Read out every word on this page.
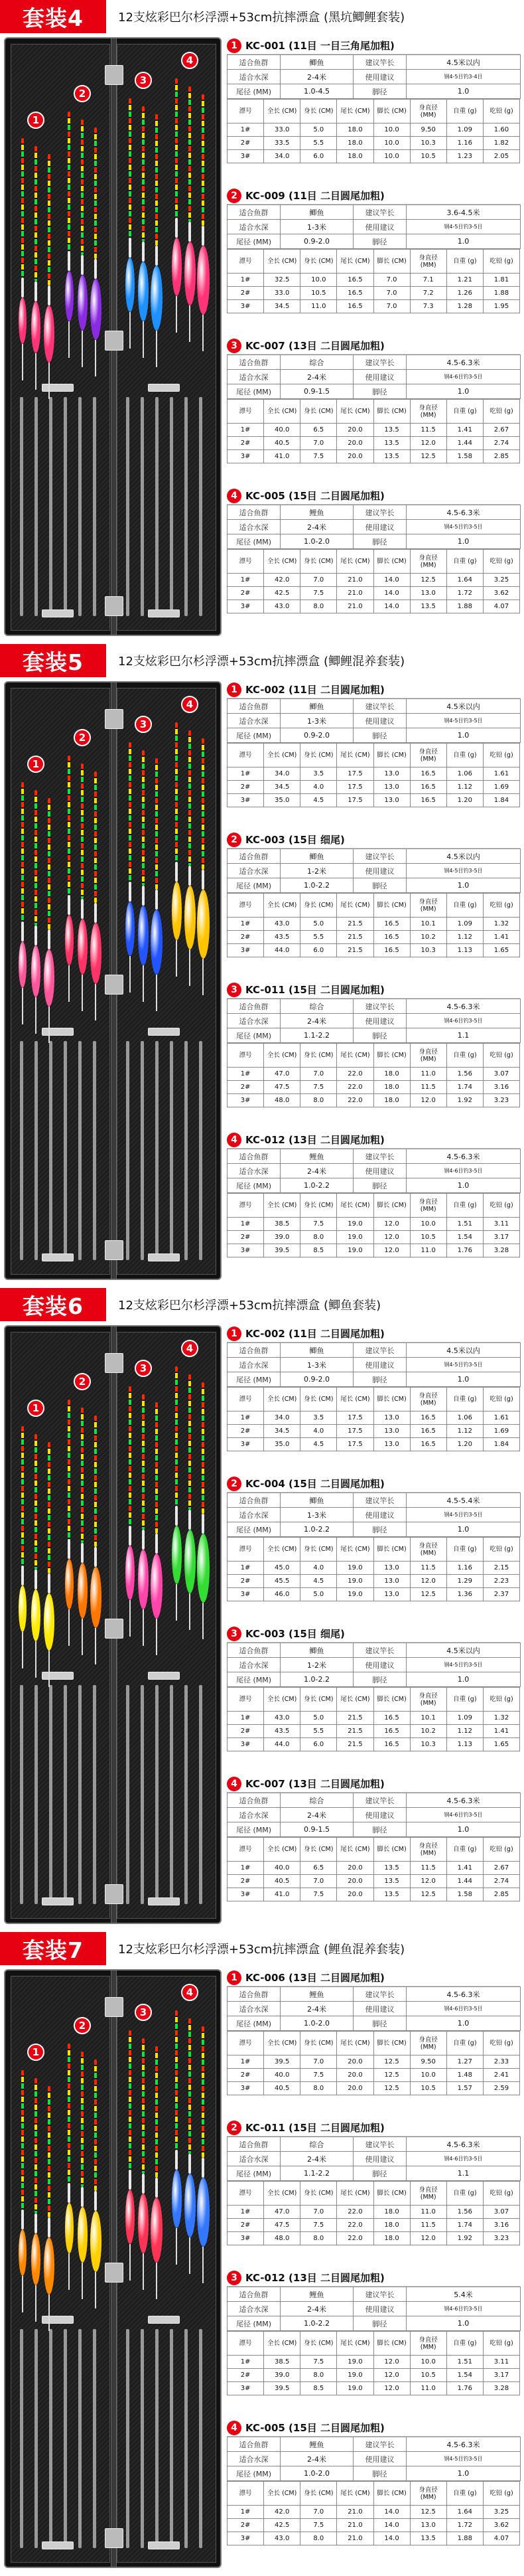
套装4	12支炫彩巴尔杉浮漂+53cm抗摔漂盒 (黑坑鲫鲤套装)
1
2
3
4
1 KC-001 (11目 一目三角尾加粗)
适合鱼群	鲫鱼	建议竿长	4.5米以内
适合水深	2-4米	使用建议	钢4-5目钓3-4目
尾径 (MM)	1.0-4.5	脚径	1.0
漂号	全长 (CM)	身长 (CM)	尾长 (CM)	脚长 (CM)	身直径 (MM)	自重 (g)	吃铅 (g)
1#	33.0	5.0	18.0	10.0	9.50	1.09	1.60
2#	33.5	5.5	18.0	10.0	10.3	1.16	1.82
3#	34.0	6.0	18.0	10.0	10.5	1.23	2.05
2 KC-009 (11目 二目圆尾加粗)
适合鱼群	鲫鱼	建议竿长	3.6-4.5米
适合水深	1-3米	使用建议	钢4-5目钓3-5目
尾径 (MM)	0.9-2.0	脚径	1.0
漂号	全长 (CM)	身长 (CM)	尾长 (CM)	脚长 (CM)	身直径 (MM)	自重 (g)	吃铅 (g)
1#	32.5	10.0	16.5	7.0	7.1	1.21	1.81
2#	33.0	10.5	16.5	7.0	7.2	1.26	1.88
3#	34.5	11.0	16.5	7.0	7.3	1.28	1.95
3 KC-007 (13目 二目圆尾加粗)
适合鱼群	综合	建议竿长	4.5-6.3米
适合水深	2-4米	使用建议	钢4-6目钓3-5目
尾径 (MM)	0.9-1.5	脚径	1.0
漂号	全长 (CM)	身长 (CM)	尾长 (CM)	脚长 (CM)	身直径 (MM)	自重 (g)	吃铅 (g)
1#	40.0	6.5	20.0	13.5	11.5	1.41	2.67
2#	40.5	7.0	20.0	13.5	12.0	1.44	2.74
3#	41.0	7.5	20.0	13.5	12.5	1.58	2.85
4 KC-005 (15目 二目圆尾加粗)
适合鱼群	鲤鱼	建议竿长	4.5-6.3米
适合水深	2-4米	使用建议	钢4-5目钓3-5目
尾径 (MM)	1.0-2.0	脚径	1.0
漂号	全长 (CM)	身长 (CM)	尾长 (CM)	脚长 (CM)	身直径 (MM)	自重 (g)	吃铅 (g)
1#	42.0	7.0	21.0	14.0	12.5	1.64	3.25
2#	42.5	7.5	21.0	14.0	13.0	1.72	3.62
3#	43.0	8.0	21.0	14.0	13.5	1.88	4.07
套装5	12支炫彩巴尔杉浮漂+53cm抗摔漂盒 (鲫鲤混养套装)
1
2
3
4
1 KC-002 (11目 二目圆尾加粗)
适合鱼群	鲫鱼	建议竿长	4.5米以内
适合水深	1-3米	使用建议	钢4-5目钓3-5目
尾径 (MM)	0.9-2.0	脚径	1.0
漂号	全长 (CM)	身长 (CM)	尾长 (CM)	脚长 (CM)	身直径 (MM)	自重 (g)	吃铅 (g)
1#	34.0	3.5	17.5	13.0	16.5	1.06	1.61
2#	34.5	4.0	17.5	13.0	16.5	1.12	1.69
3#	35.0	4.5	17.5	13.0	16.5	1.20	1.84
2 KC-003 (15目 细尾)
适合鱼群	鲫鱼	建议竿长	4.5米以内
适合水深	1-2米	使用建议	钢4-5目钓3-5目
尾径 (MM)	1.0-2.2	脚径	1.0
漂号	全长 (CM)	身长 (CM)	尾长 (CM)	脚长 (CM)	身直径 (MM)	自重 (g)	吃铅 (g)
1#	43.0	5.0	21.5	16.5	10.1	1.09	1.32
2#	43.5	5.5	21.5	16.5	10.2	1.12	1.41
3#	44.0	6.0	21.5	16.5	10.3	1.13	1.65
3 KC-011 (15目 二目圆尾加粗)
适合鱼群	综合	建议竿长	4.5-6.3米
适合水深	2-4米	使用建议	钢4-6目钓3-5目
尾径 (MM)	1.1-2.2	脚径	1.1
漂号	全长 (CM)	身长 (CM)	尾长 (CM)	脚长 (CM)	身直径 (MM)	自重 (g)	吃铅 (g)
1#	47.0	7.0	22.0	18.0	11.0	1.56	3.07
2#	47.5	7.5	22.0	18.0	11.5	1.74	3.16
3#	48.0	8.0	22.0	18.0	12.0	1.92	3.23
4 KC-012 (13目 二目圆尾加粗)
适合鱼群	鲤鱼	建议竿长	4.5-6.3米
适合水深	2-4米	使用建议	钢4-6目钓3-5目
尾径 (MM)	1.0-2.2	脚径	1.0
漂号	全长 (CM)	身长 (CM)	尾长 (CM)	脚长 (CM)	身直径 (MM)	自重 (g)	吃铅 (g)
1#	38.5	7.5	19.0	12.0	10.0	1.51	3.11
2#	39.0	8.0	19.0	12.0	10.5	1.54	3.17
3#	39.5	8.5	19.0	12.0	11.0	1.76	3.28
套装6	12支炫彩巴尔杉浮漂+53cm抗摔漂盒 (鲫鱼套装)
1
2
3
4
1 KC-002 (11目 二目圆尾加粗)
适合鱼群	鲫鱼	建议竿长	4.5米以内
适合水深	1-3米	使用建议	钢4-5目钓3-5目
尾径 (MM)	0.9-2.0	脚径	1.0
漂号	全长 (CM)	身长 (CM)	尾长 (CM)	脚长 (CM)	身直径 (MM)	自重 (g)	吃铅 (g)
1#	34.0	3.5	17.5	13.0	16.5	1.06	1.61
2#	34.5	4.0	17.5	13.0	16.5	1.12	1.69
3#	35.0	4.5	17.5	13.0	16.5	1.20	1.84
2 KC-004 (15目 二目圆尾加粗)
适合鱼群	鲫鱼	建议竿长	4.5-5.4米
适合水深	1-3米	使用建议	钢4-5目钓3-5目
尾径 (MM)	1.0-2.2	脚径	1.0
漂号	全长 (CM)	身长 (CM)	尾长 (CM)	脚长 (CM)	身直径 (MM)	自重 (g)	吃铅 (g)
1#	45.0	4.0	19.0	13.0	11.5	1.16	2.15
2#	45.5	4.5	19.0	13.0	12.0	1.29	2.23
3#	46.0	5.0	19.0	13.0	12.5	1.36	2.37
3 KC-003 (15目 细尾)
适合鱼群	鲫鱼	建议竿长	4.5米以内
适合水深	1-2米	使用建议	钢4-5目钓3-5目
尾径 (MM)	1.0-2.2	脚径	1.0
漂号	全长 (CM)	身长 (CM)	尾长 (CM)	脚长 (CM)	身直径 (MM)	自重 (g)	吃铅 (g)
1#	43.0	5.0	21.5	16.5	10.1	1.09	1.32
2#	43.5	5.5	21.5	16.5	10.2	1.12	1.41
3#	44.0	6.0	21.5	16.5	10.3	1.13	1.65
4 KC-007 (13目 二目圆尾加粗)
适合鱼群	综合	建议竿长	4.5-6.3米
适合水深	2-4米	使用建议	钢4-6目钓3-5目
尾径 (MM)	0.9-1.5	脚径	1.0
漂号	全长 (CM)	身长 (CM)	尾长 (CM)	脚长 (CM)	身直径 (MM)	自重 (g)	吃铅 (g)
1#	40.0	6.5	20.0	13.5	11.5	1.41	2.67
2#	40.5	7.0	20.0	13.5	12.0	1.44	2.74
3#	41.0	7.5	20.0	13.5	12.5	1.58	2.85
套装7	12支炫彩巴尔杉浮漂+53cm抗摔漂盒 (鲤鱼混养套装)
1
2
3
4
1 KC-006 (13目 二目圆尾加粗)
适合鱼群	鲤鱼	建议竿长	4.5-6.3米
适合水深	2-4米	使用建议	钢4-6目钓3-5目
尾径 (MM)	1.0-2.0	脚径	1.0
漂号	全长 (CM)	身长 (CM)	尾长 (CM)	脚长 (CM)	身直径 (MM)	自重 (g)	吃铅 (g)
1#	39.5	7.0	20.0	12.5	9.50	1.27	2.33
2#	40.0	7.5	20.0	12.5	10.0	1.48	2.41
3#	40.5	8.0	20.0	12.5	10.5	1.57	2.59
2 KC-011 (15目 二目圆尾加粗)
适合鱼群	综合	建议竿长	4.5-6.3米
适合水深	2-4米	使用建议	钢4-6目钓3-5目
尾径 (MM)	1.1-2.2	脚径	1.1
漂号	全长 (CM)	身长 (CM)	尾长 (CM)	脚长 (CM)	身直径 (MM)	自重 (g)	吃铅 (g)
1#	47.0	7.0	22.0	18.0	11.0	1.56	3.07
2#	47.5	7.5	22.0	18.0	11.5	1.74	3.16
3#	48.0	8.0	22.0	18.0	12.0	1.92	3.23
3 KC-012 (13目 二目圆尾加粗)
适合鱼群	鲤鱼	建议竿长	5.4米
适合水深	2-4米	使用建议	钢4-6目钓3-5目
尾径 (MM)	1.0-2.2	脚径	1.0
漂号	全长 (CM)	身长 (CM)	尾长 (CM)	脚长 (CM)	身直径 (MM)	自重 (g)	吃铅 (g)
1#	38.5	7.5	19.0	12.0	10.0	1.51	3.11
2#	39.0	8.0	19.0	12.0	10.5	1.54	3.17
3#	39.5	8.5	19.0	12.0	11.0	1.76	3.28
4 KC-005 (15目 二目圆尾加粗)
适合鱼群	鲤鱼	建议竿长	4.5-6.3米
适合水深	2-4米	使用建议	钢4-5目钓3-5目
尾径 (MM)	1.0-2.0	脚径	1.0
漂号	全长 (CM)	身长 (CM)	尾长 (CM)	脚长 (CM)	身直径 (MM)	自重 (g)	吃铅 (g)
1#	42.0	7.0	21.0	14.0	12.5	1.64	3.25
2#	42.5	7.5	21.0	14.0	13.0	1.72	3.62
3#	43.0	8.0	21.0	14.0	13.5	1.88	4.07
